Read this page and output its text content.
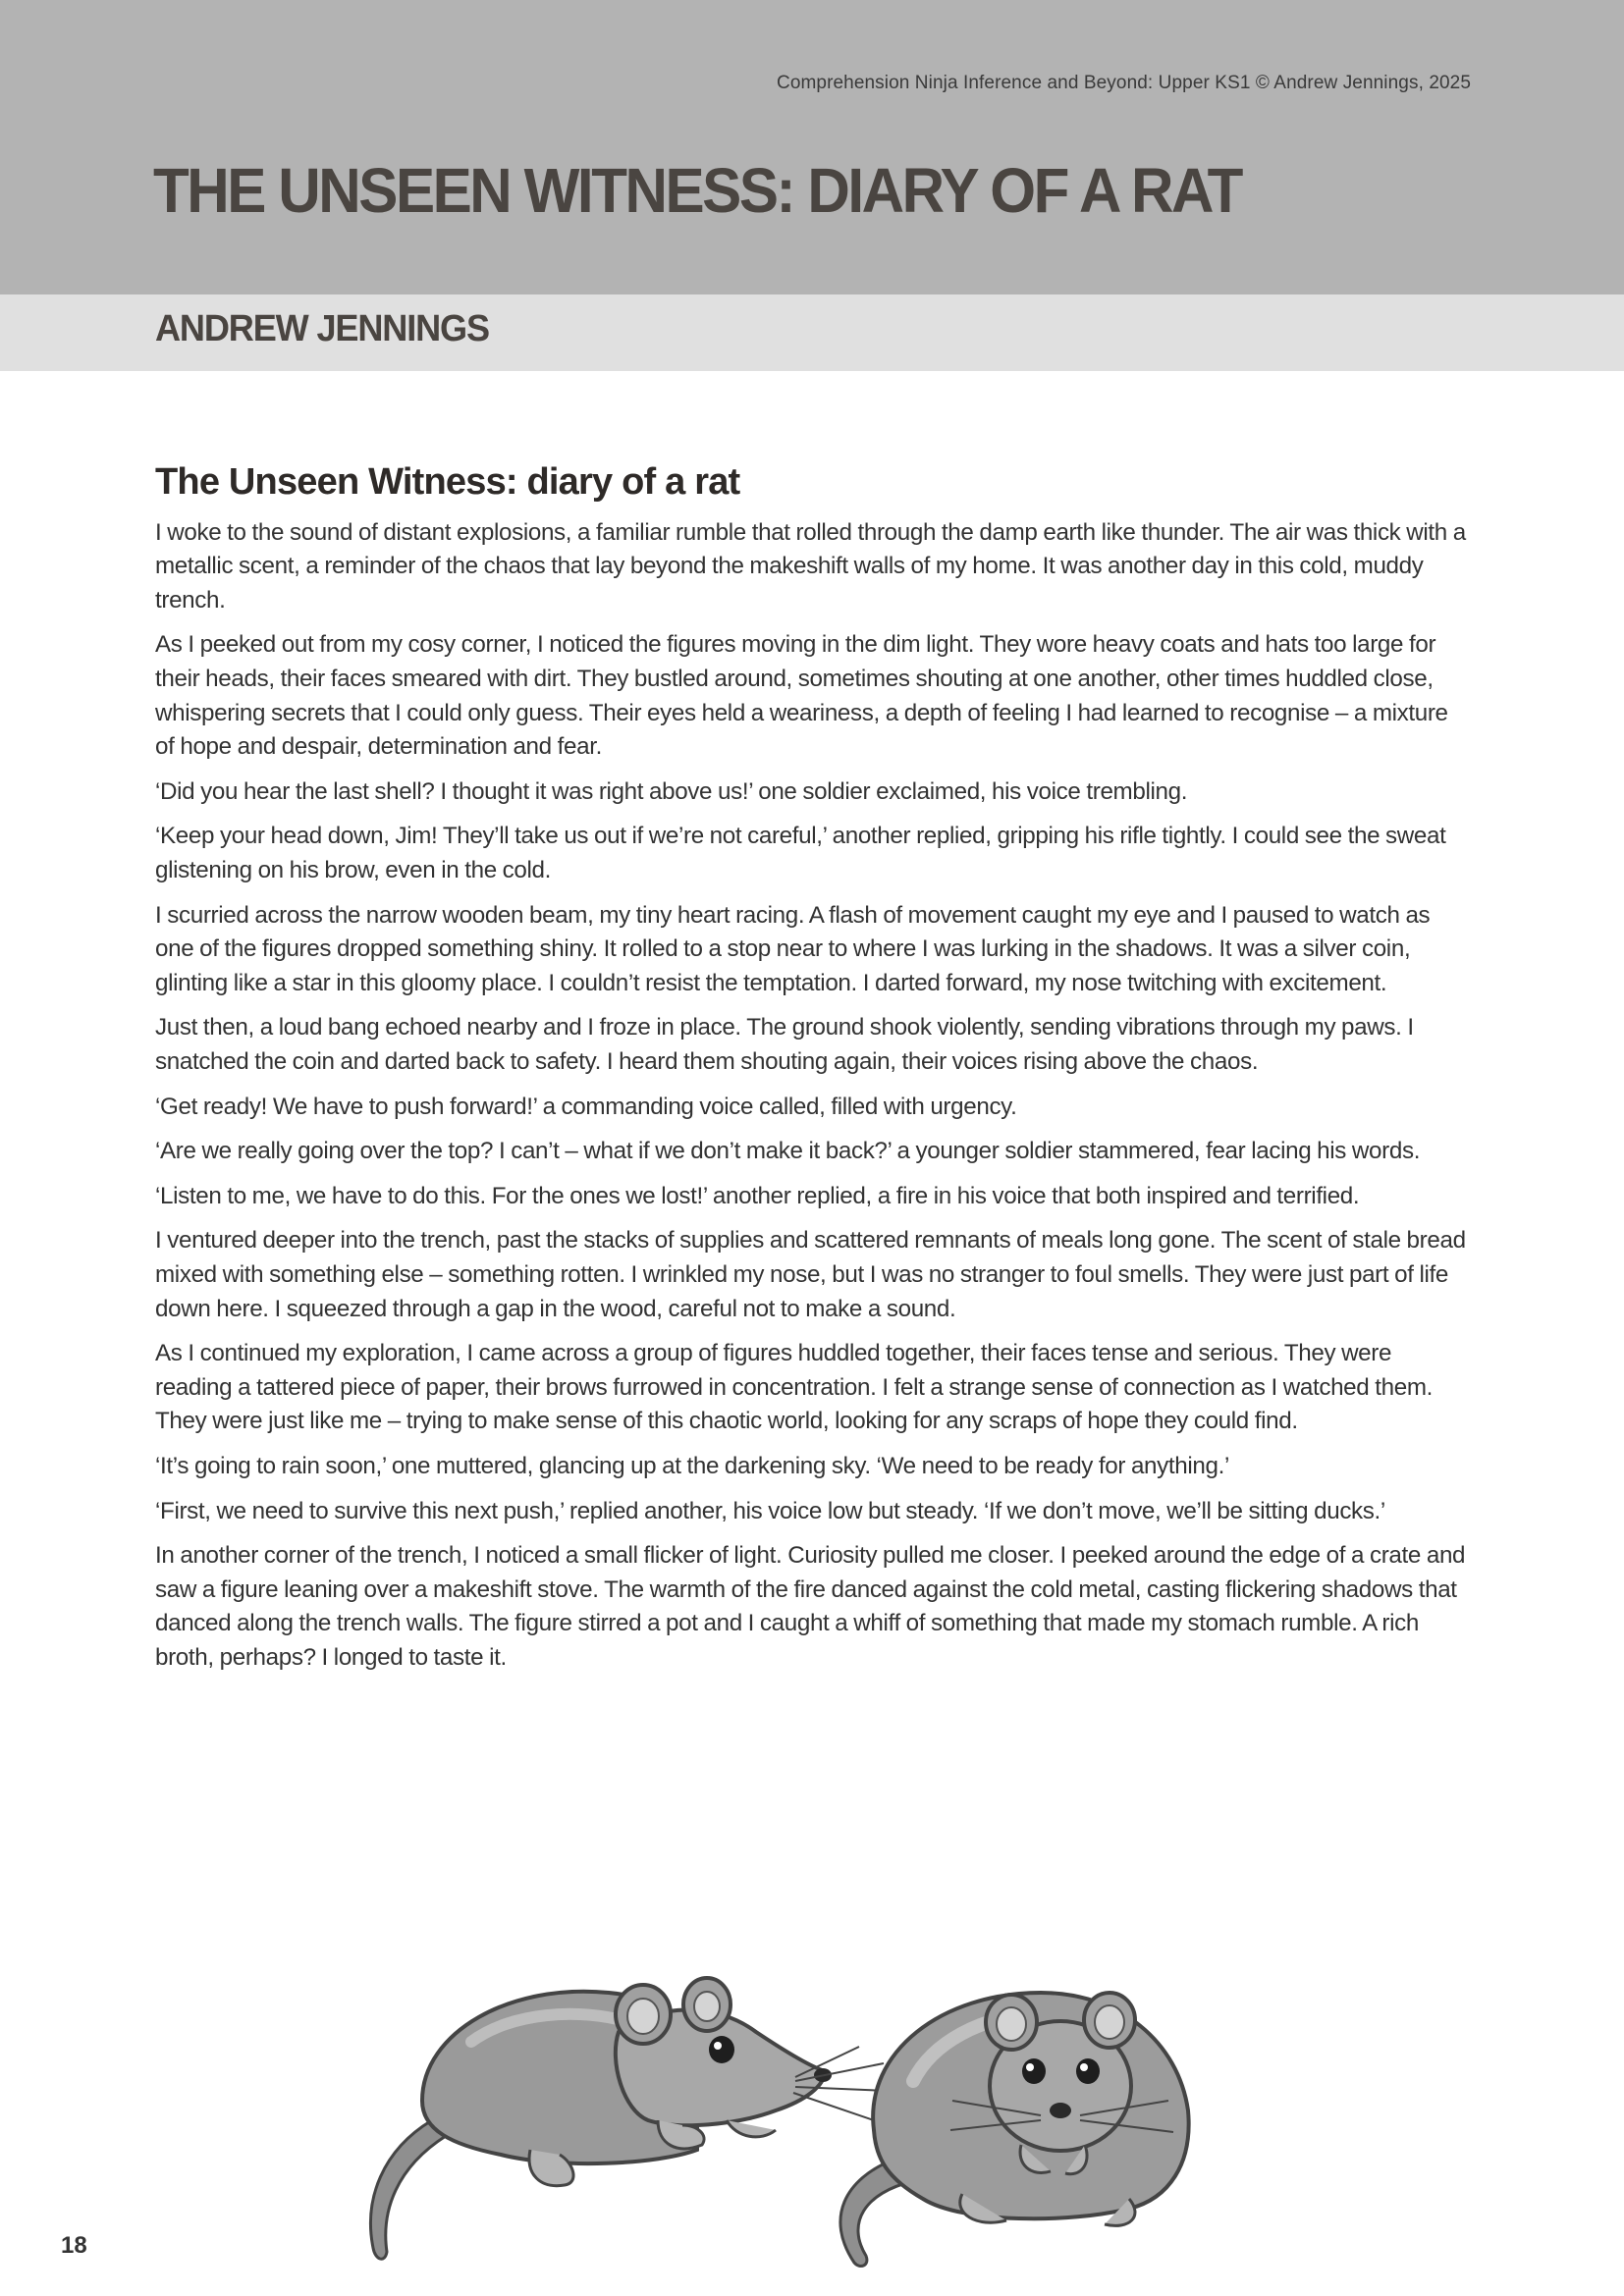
Comprehension Ninja Inference and Beyond: Upper KS1 © Andrew Jennings, 2025
THE UNSEEN WITNESS: DIARY OF A RAT
ANDREW JENNINGS
The Unseen Witness: diary of a rat

I woke to the sound of distant explosions, a familiar rumble that rolled through the damp earth like thunder. The air was thick with a metallic scent, a reminder of the chaos that lay beyond the makeshift walls of my home. It was another day in this cold, muddy trench.

As I peeked out from my cosy corner, I noticed the figures moving in the dim light. They wore heavy coats and hats too large for their heads, their faces smeared with dirt. They bustled around, sometimes shouting at one another, other times huddled close, whispering secrets that I could only guess. Their eyes held a weariness, a depth of feeling I had learned to recognise – a mixture of hope and despair, determination and fear.

‘Did you hear the last shell? I thought it was right above us!’ one soldier exclaimed, his voice trembling.

‘Keep your head down, Jim! They’ll take us out if we’re not careful,’ another replied, gripping his rifle tightly. I could see the sweat glistening on his brow, even in the cold.

I scurried across the narrow wooden beam, my tiny heart racing. A flash of movement caught my eye and I paused to watch as one of the figures dropped something shiny. It rolled to a stop near to where I was lurking in the shadows. It was a silver coin, glinting like a star in this gloomy place. I couldn’t resist the temptation. I darted forward, my nose twitching with excitement.

Just then, a loud bang echoed nearby and I froze in place. The ground shook violently, sending vibrations through my paws. I snatched the coin and darted back to safety. I heard them shouting again, their voices rising above the chaos.

‘Get ready! We have to push forward!’ a commanding voice called, filled with urgency.

‘Are we really going over the top? I can’t – what if we don’t make it back?’ a younger soldier stammered, fear lacing his words.

‘Listen to me, we have to do this. For the ones we lost!’ another replied, a fire in his voice that both inspired and terrified.

I ventured deeper into the trench, past the stacks of supplies and scattered remnants of meals long gone. The scent of stale bread mixed with something else – something rotten. I wrinkled my nose, but I was no stranger to foul smells. They were just part of life down here. I squeezed through a gap in the wood, careful not to make a sound.

As I continued my exploration, I came across a group of figures huddled together, their faces tense and serious. They were reading a tattered piece of paper, their brows furrowed in concentration. I felt a strange sense of connection as I watched them. They were just like me – trying to make sense of this chaotic world, looking for any scraps of hope they could find.

‘It’s going to rain soon,’ one muttered, glancing up at the darkening sky. ‘We need to be ready for anything.’

‘First, we need to survive this next push,’ replied another, his voice low but steady. ‘If we don’t move, we’ll be sitting ducks.’

In another corner of the trench, I noticed a small flicker of light. Curiosity pulled me closer. I peeked around the edge of a crate and saw a figure leaning over a makeshift stove. The warmth of the fire danced against the cold metal, casting flickering shadows that danced along the trench walls. The figure stirred a pot and I caught a whiff of something that made my stomach rumble. A rich broth, perhaps? I longed to taste it.

18
